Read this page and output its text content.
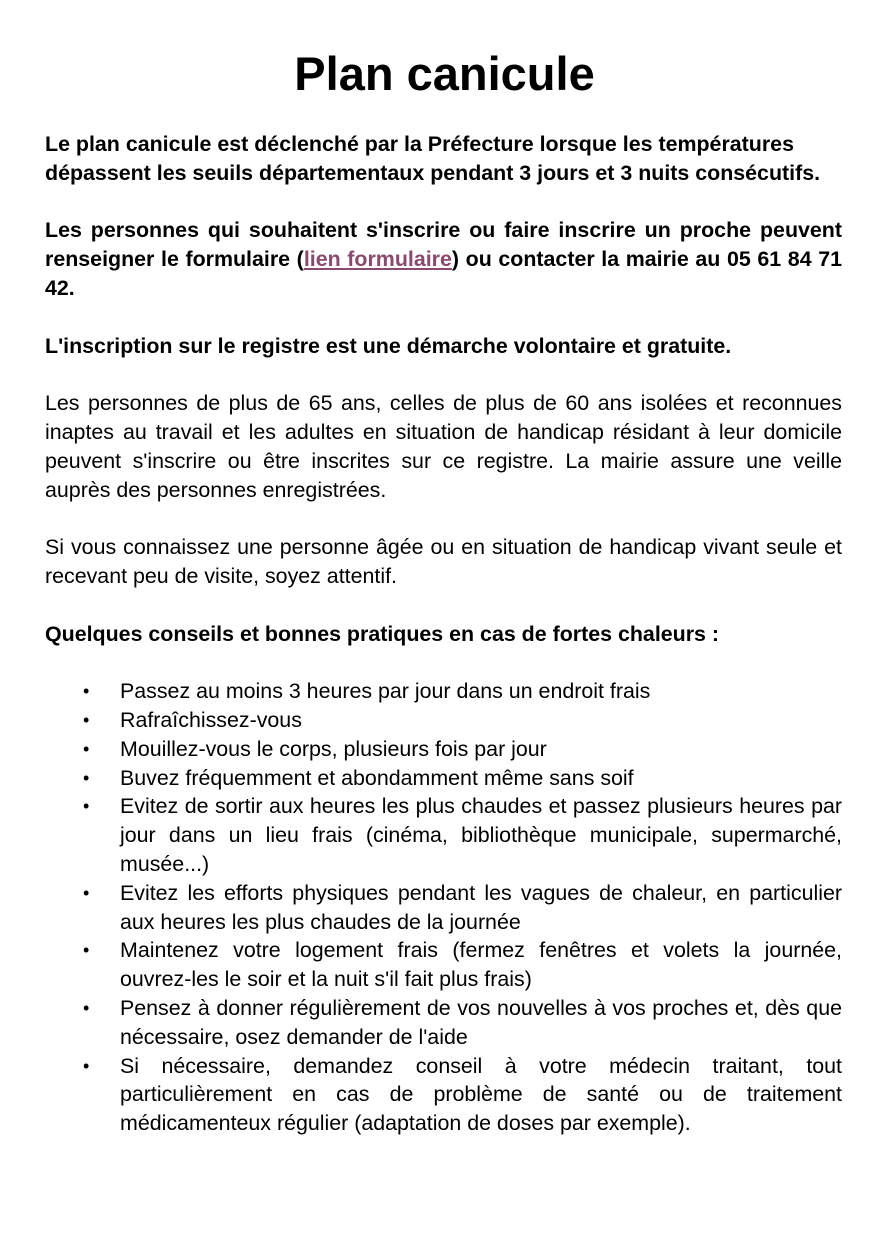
Plan canicule

Le plan canicule est déclenché par la Préfecture lorsque les températures dépassent les seuils départementaux pendant 3 jours et 3 nuits consécutifs.

Les personnes qui souhaitent s'inscrire ou faire inscrire un proche peuvent renseigner le formulaire (lien formulaire) ou contacter la mairie au 05 61 84 71 42.

L'inscription sur le registre est une démarche volontaire et gratuite.

Les personnes de plus de 65 ans, celles de plus de 60 ans isolées et reconnues inaptes au travail et les adultes en situation de handicap résidant à leur domicile peuvent s'inscrire ou être inscrites sur ce registre. La mairie assure une veille auprès des personnes enregistrées.

Si vous connaissez une personne âgée ou en situation de handicap vivant seule et recevant peu de visite, soyez attentif.

Quelques conseils et bonnes pratiques en cas de fortes chaleurs :

• Passez au moins 3 heures par jour dans un endroit frais
• Rafraîchissez-vous
• Mouillez-vous le corps, plusieurs fois par jour
• Buvez fréquemment et abondamment même sans soif
• Evitez de sortir aux heures les plus chaudes et passez plusieurs heures par jour dans un lieu frais (cinéma, bibliothèque municipale, supermarché, musée...)
• Evitez les efforts physiques pendant les vagues de chaleur, en particulier aux heures les plus chaudes de la journée
• Maintenez votre logement frais (fermez fenêtres et volets la journée, ouvrez-les le soir et la nuit s'il fait plus frais)
• Pensez à donner régulièrement de vos nouvelles à vos proches et, dès que nécessaire, osez demander de l'aide
• Si nécessaire, demandez conseil à votre médecin traitant, tout particulièrement en cas de problème de santé ou de traitement médicamenteux régulier (adaptation de doses par exemple).
